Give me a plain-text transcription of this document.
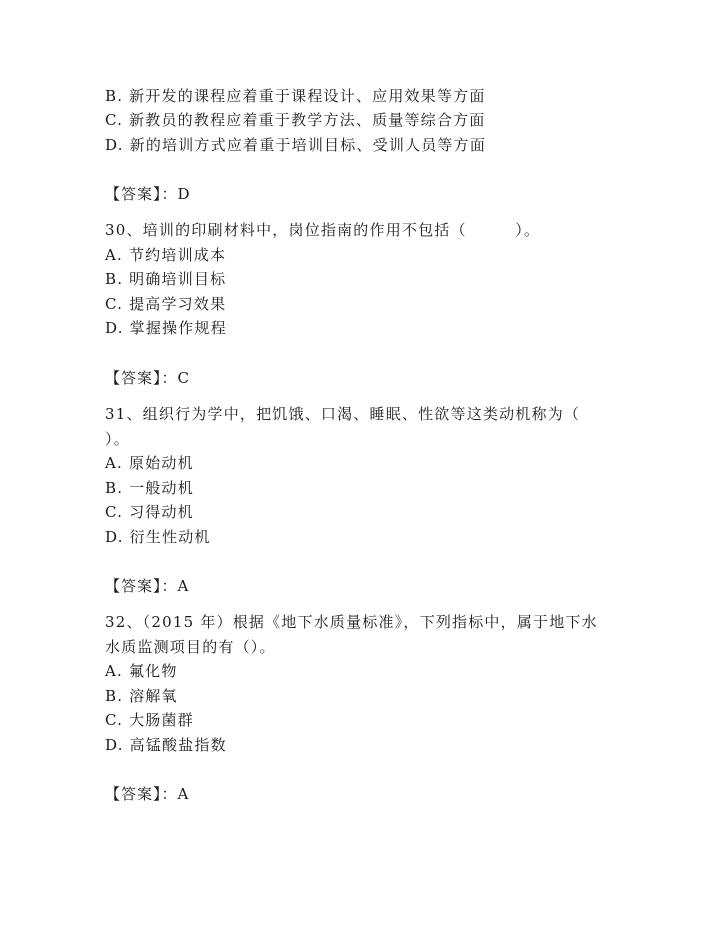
B. 新开发的课程应着重于课程设计、应用效果等方面

C. 新教员的教程应着重于教学方法、质量等综合方面

D. 新的培训方式应着重于培训目标、受训人员等方面

【答案】：D

30、培训的印刷材料中，岗位指南的作用不包括（　　　）。

A. 节约培训成本

B. 明确培训目标

C. 提高学习效果

D. 掌握操作规程

【答案】：C

31、组织行为学中，把饥饿、口渴、睡眠、性欲等这类动机称为（

）。

A. 原始动机

B. 一般动机

C. 习得动机

D. 衍生性动机

【答案】：A

32、（2015 年）根据《地下水质量标准》，下列指标中，属于地下水

水质监测项目的有（）。

A. 氟化物

B. 溶解氧

C. 大肠菌群

D. 高锰酸盐指数

【答案】：A
